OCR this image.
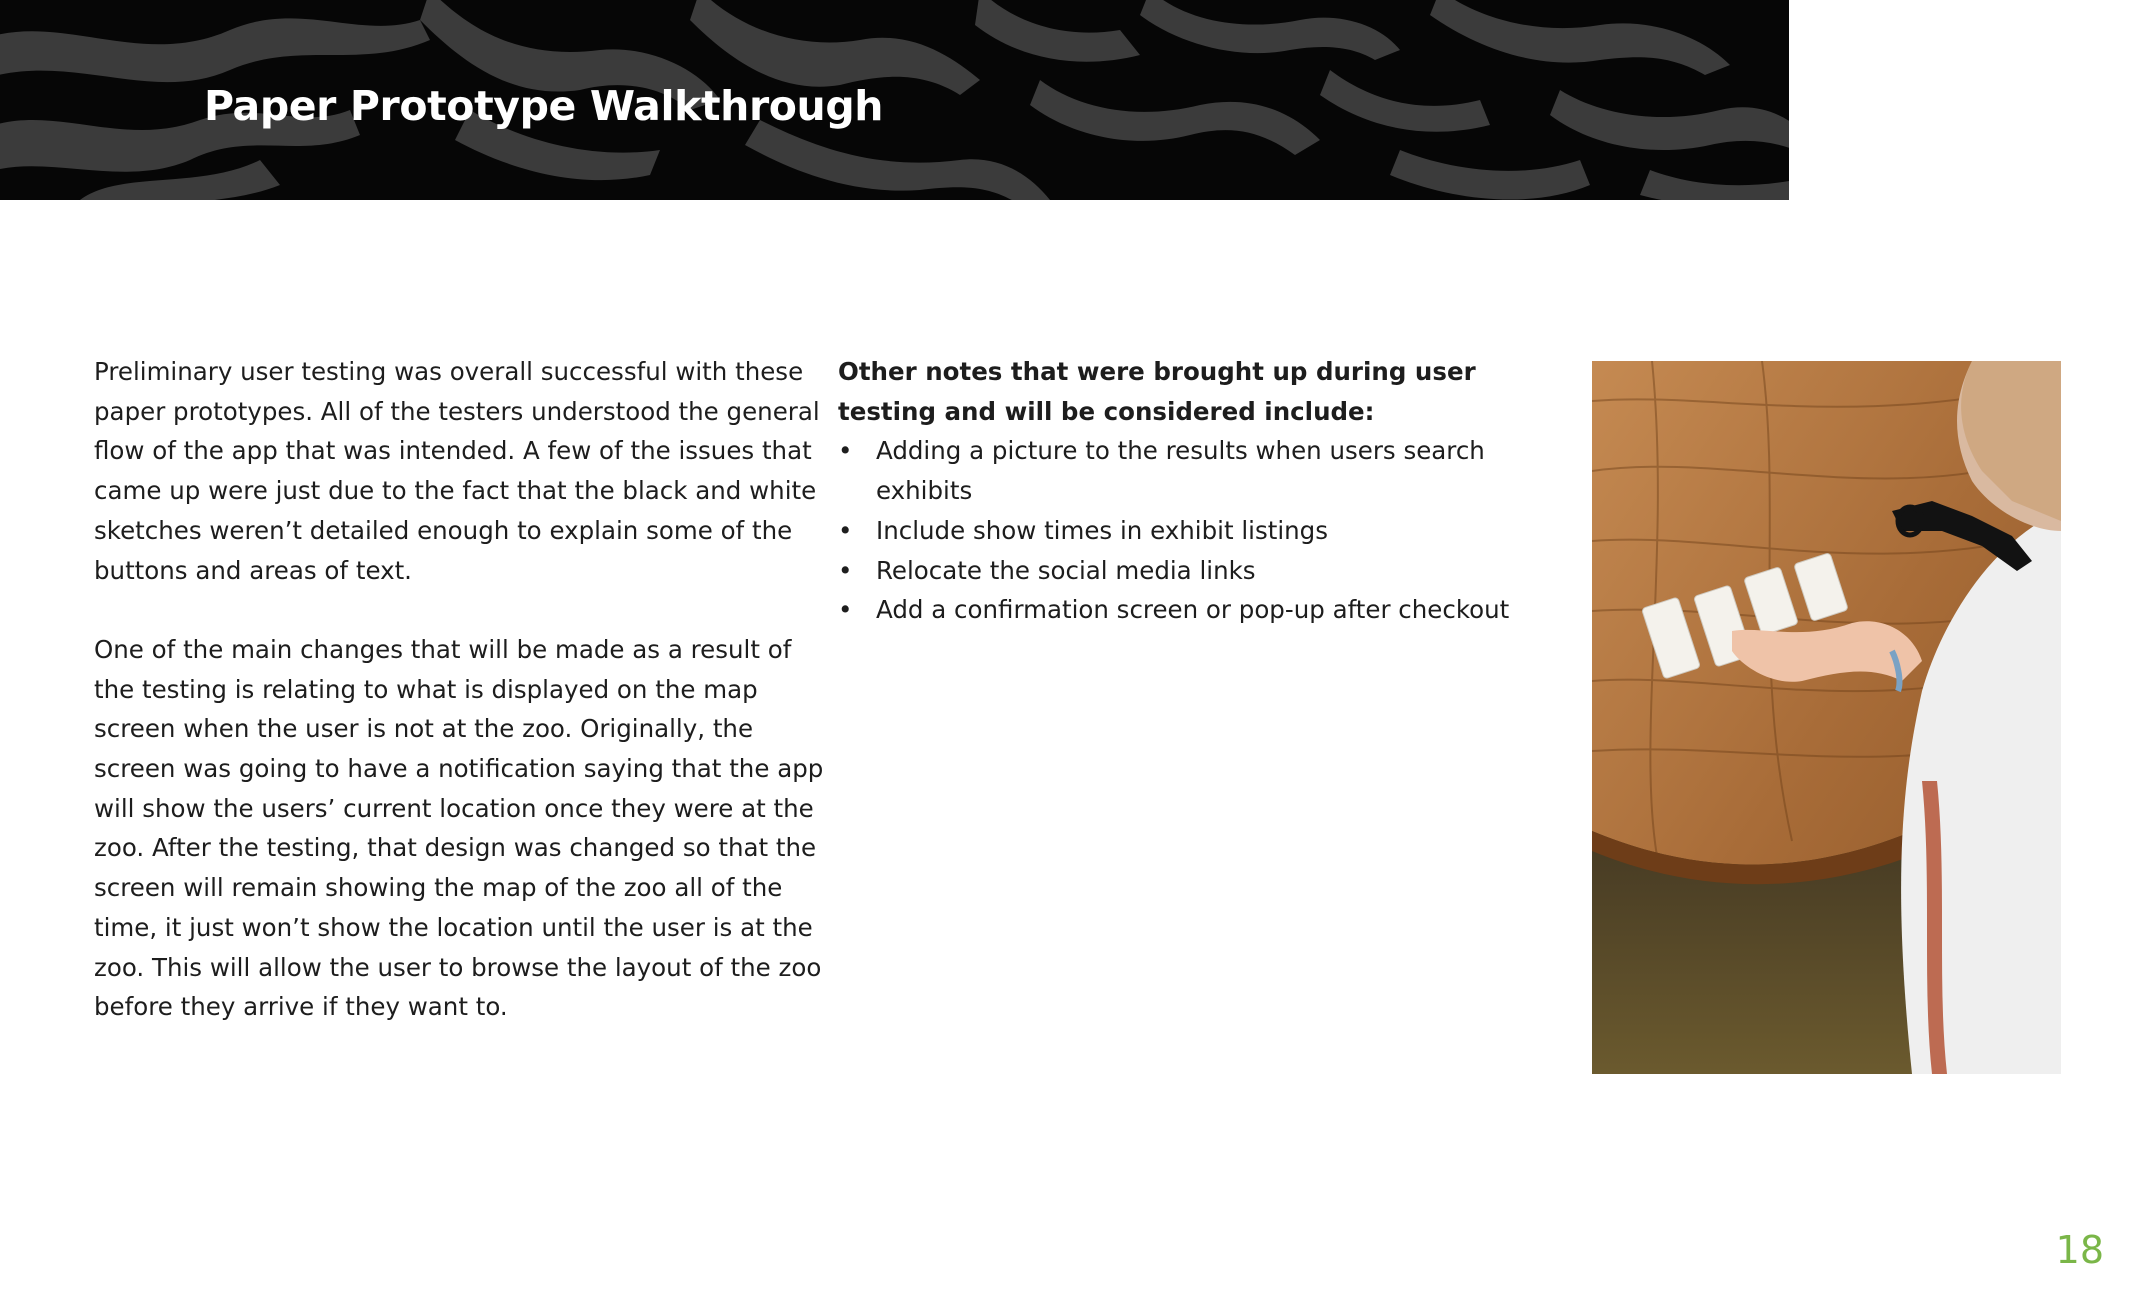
Paper Prototype Walkthrough

Preliminary user testing was overall successful with these paper prototypes. All of the testers understood the general flow of the app that was intended. A few of the issues that came up were just due to the fact that the black and white sketches weren’t detailed enough to explain some of the buttons and areas of text.

One of the main changes that will be made as a result of the testing is relating to what is displayed on the map screen when the user is not at the zoo. Originally, the screen was going to have a notification saying that the app will show the users’ current location once they were at the zoo. After the testing, that design was changed so that the screen will remain showing the map of the zoo all of the time, it just won’t show the location until the user is at the zoo. This will allow the user to browse the layout of the zoo before they arrive if they want to.

Other notes that were brought up during user testing and will be considered include:

• Adding a picture to the results when users search exhibits
• Include show times in exhibit listings
• Relocate the social media links
• Add a confirmation screen or pop-up after checkout
18
